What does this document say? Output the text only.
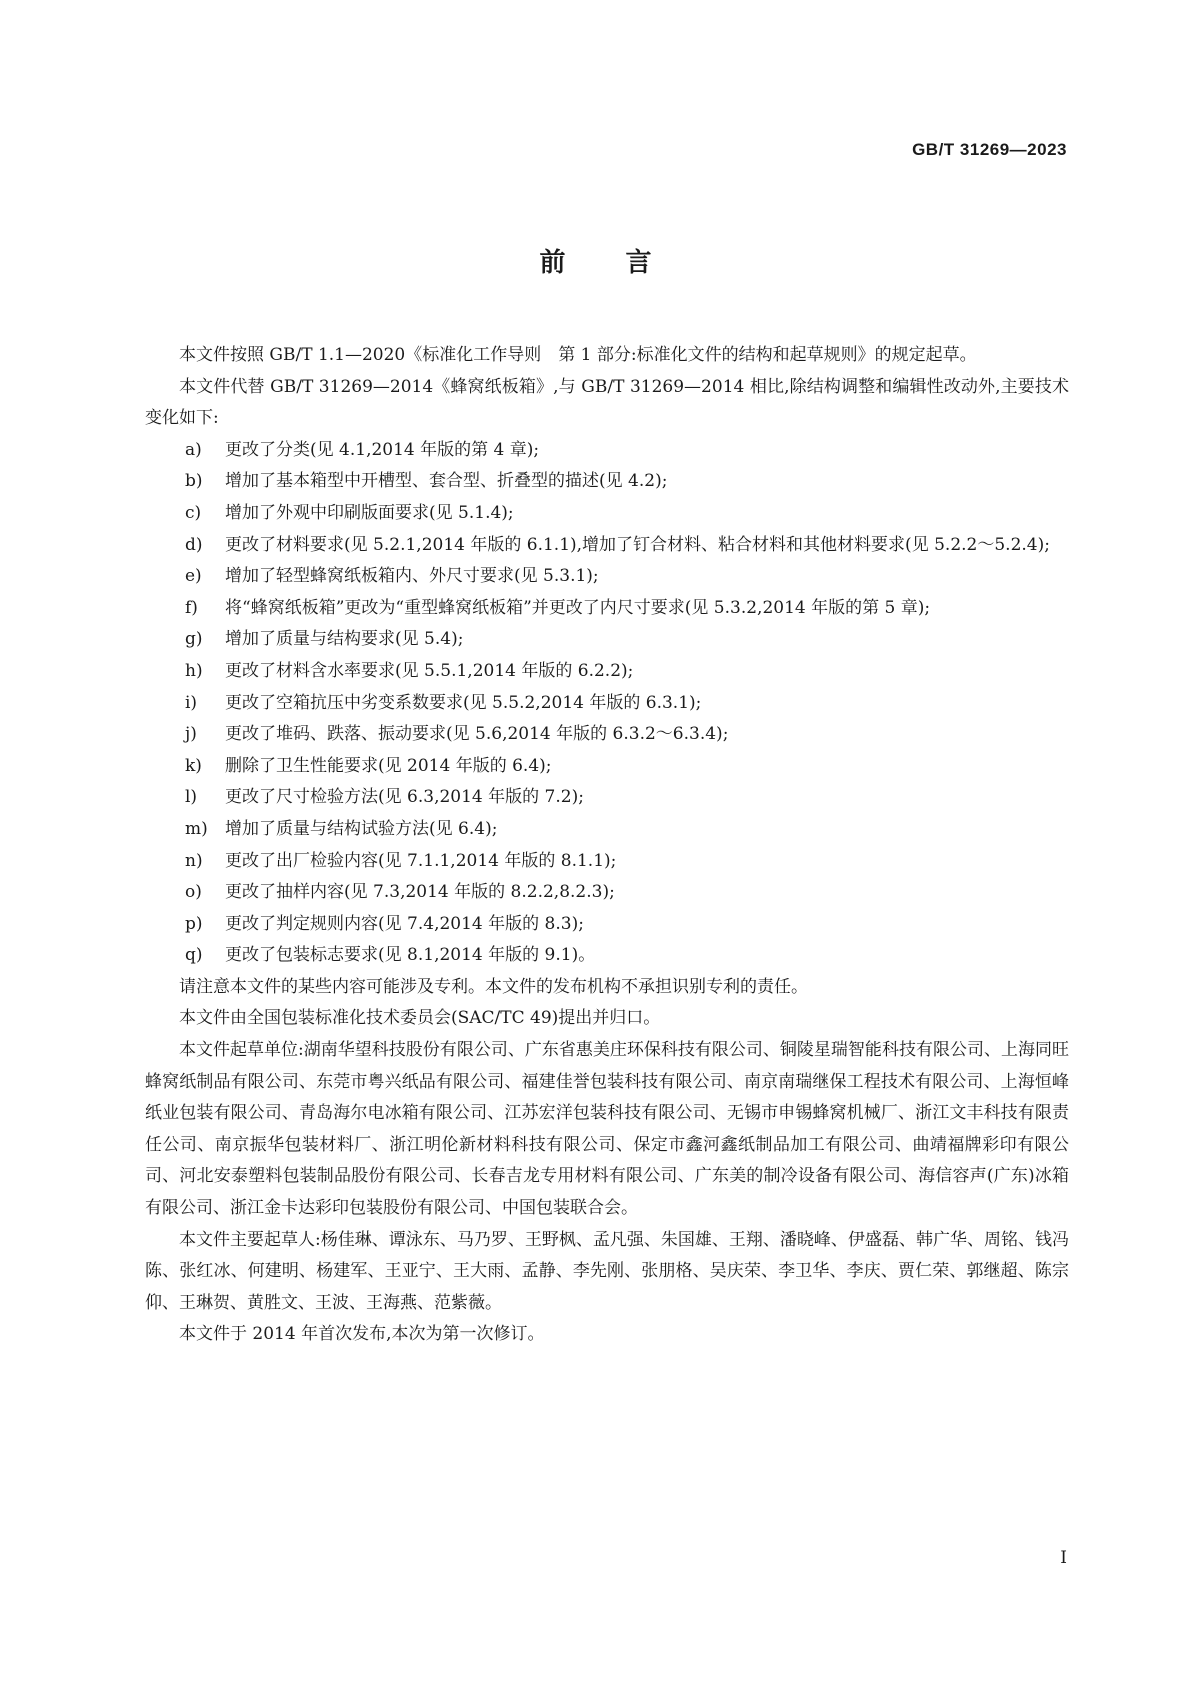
GB/T 31269—2023
前言

本文件按照 GB/T 1.1—2020《标准化工作导则　第 1 部分:标准化文件的结构和起草规则》的规定起草。

本文件代替 GB/T 31269—2014《蜂窝纸板箱》,与 GB/T 31269—2014 相比,除结构调整和编辑性改动外,主要技术变化如下:

a)	更改了分类(见 4.1,2014 年版的第 4 章);
b)	增加了基本箱型中开槽型、套合型、折叠型的描述(见 4.2);
c)	增加了外观中印刷版面要求(见 5.1.4);
d)	更改了材料要求(见 5.2.1,2014 年版的 6.1.1),增加了钉合材料、粘合材料和其他材料要求(见 5.2.2～5.2.4);
e)	增加了轻型蜂窝纸板箱内、外尺寸要求(见 5.3.1);
f)	将“蜂窝纸板箱”更改为“重型蜂窝纸板箱”并更改了内尺寸要求(见 5.3.2,2014 年版的第 5 章);
g)	增加了质量与结构要求(见 5.4);
h)	更改了材料含水率要求(见 5.5.1,2014 年版的 6.2.2);
i)	更改了空箱抗压中劣变系数要求(见 5.5.2,2014 年版的 6.3.1);
j)	更改了堆码、跌落、振动要求(见 5.6,2014 年版的 6.3.2～6.3.4);
k)	删除了卫生性能要求(见 2014 年版的 6.4);
l)	更改了尺寸检验方法(见 6.3,2014 年版的 7.2);
m)	增加了质量与结构试验方法(见 6.4);
n)	更改了出厂检验内容(见 7.1.1,2014 年版的 8.1.1);
o)	更改了抽样内容(见 7.3,2014 年版的 8.2.2,8.2.3);
p)	更改了判定规则内容(见 7.4,2014 年版的 8.3);
q)	更改了包装标志要求(见 8.1,2014 年版的 9.1)。

请注意本文件的某些内容可能涉及专利。本文件的发布机构不承担识别专利的责任。

本文件由全国包装标准化技术委员会(SAC/TC 49)提出并归口。

本文件起草单位:湖南华望科技股份有限公司、广东省惠美庄环保科技有限公司、铜陵星瑞智能科技有限公司、上海同旺蜂窝纸制品有限公司、东莞市粤兴纸品有限公司、福建佳誉包装科技有限公司、南京南瑞继保工程技术有限公司、上海恒峰纸业包装有限公司、青岛海尔电冰箱有限公司、江苏宏洋包装科技有限公司、无锡市申锡蜂窝机械厂、浙江文丰科技有限责任公司、南京振华包装材料厂、浙江明伦新材料科技有限公司、保定市鑫河鑫纸制品加工有限公司、曲靖福牌彩印有限公司、河北安泰塑料包装制品股份有限公司、长春吉龙专用材料有限公司、广东美的制冷设备有限公司、海信容声(广东)冰箱有限公司、浙江金卡达彩印包装股份有限公司、中国包装联合会。

本文件主要起草人:杨佳琳、谭泳东、马乃罗、王野枫、孟凡强、朱国雄、王翔、潘晓峰、伊盛磊、韩广华、周铭、钱冯陈、张红冰、何建明、杨建军、王亚宁、王大雨、孟静、李先刚、张朋格、吴庆荣、李卫华、李庆、贾仁荣、郭继超、陈宗仰、王琳贺、黄胜文、王波、王海燕、范紫薇。

本文件于 2014 年首次发布,本次为第一次修订。

I
